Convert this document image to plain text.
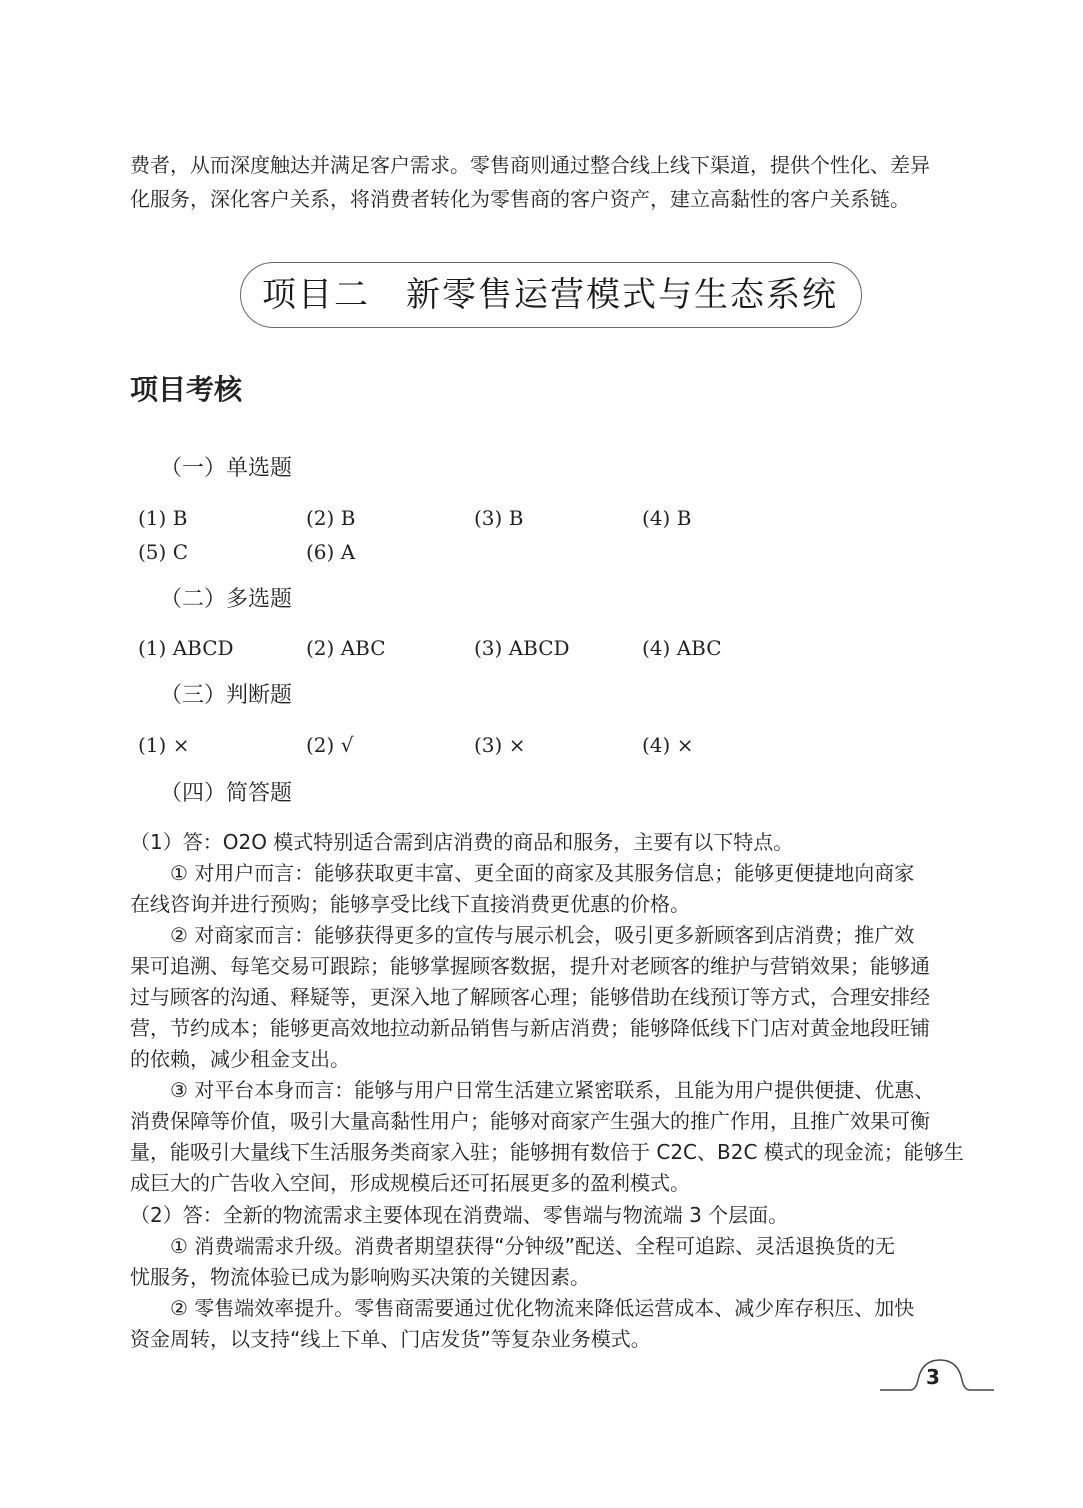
费者，从而深度触达并满足客户需求。零售商则通过整合线上线下渠道，提供个性化、差异
化服务，深化客户关系，将消费者转化为零售商的客户资产，建立高黏性的客户关系链。
项目二　新零售运营模式与生态系统
项目考核
（一）单选题
(1) B	(2) B	(3) B	(4) B
(5) C	(6) A
（二）多选题
(1) ABCD	(2) ABC	(3) ABCD	(4) ABC
（三）判断题
(1) ×	(2) √	(3) ×	(4) ×
（四）简答题
（1）答：O2O 模式特别适合需到店消费的商品和服务，主要有以下特点。
① 对用户而言：能够获取更丰富、更全面的商家及其服务信息；能够更便捷地向商家
在线咨询并进行预购；能够享受比线下直接消费更优惠的价格。
② 对商家而言：能够获得更多的宣传与展示机会，吸引更多新顾客到店消费；推广效
果可追溯、每笔交易可跟踪；能够掌握顾客数据，提升对老顾客的维护与营销效果；能够通
过与顾客的沟通、释疑等，更深入地了解顾客心理；能够借助在线预订等方式，合理安排经
营，节约成本；能够更高效地拉动新品销售与新店消费；能够降低线下门店对黄金地段旺铺
的依赖，减少租金支出。
③ 对平台本身而言：能够与用户日常生活建立紧密联系，且能为用户提供便捷、优惠、
消费保障等价值，吸引大量高黏性用户；能够对商家产生强大的推广作用，且推广效果可衡
量，能吸引大量线下生活服务类商家入驻；能够拥有数倍于 C2C、B2C 模式的现金流；能够生
成巨大的广告收入空间，形成规模后还可拓展更多的盈利模式。
（2）答：全新的物流需求主要体现在消费端、零售端与物流端 3 个层面。
① 消费端需求升级。消费者期望获得“分钟级”配送、全程可追踪、灵活退换货的无
忧服务，物流体验已成为影响购买决策的关键因素。
② 零售端效率提升。零售商需要通过优化物流来降低运营成本、减少库存积压、加快
资金周转，以支持“线上下单、门店发货”等复杂业务模式。
3
